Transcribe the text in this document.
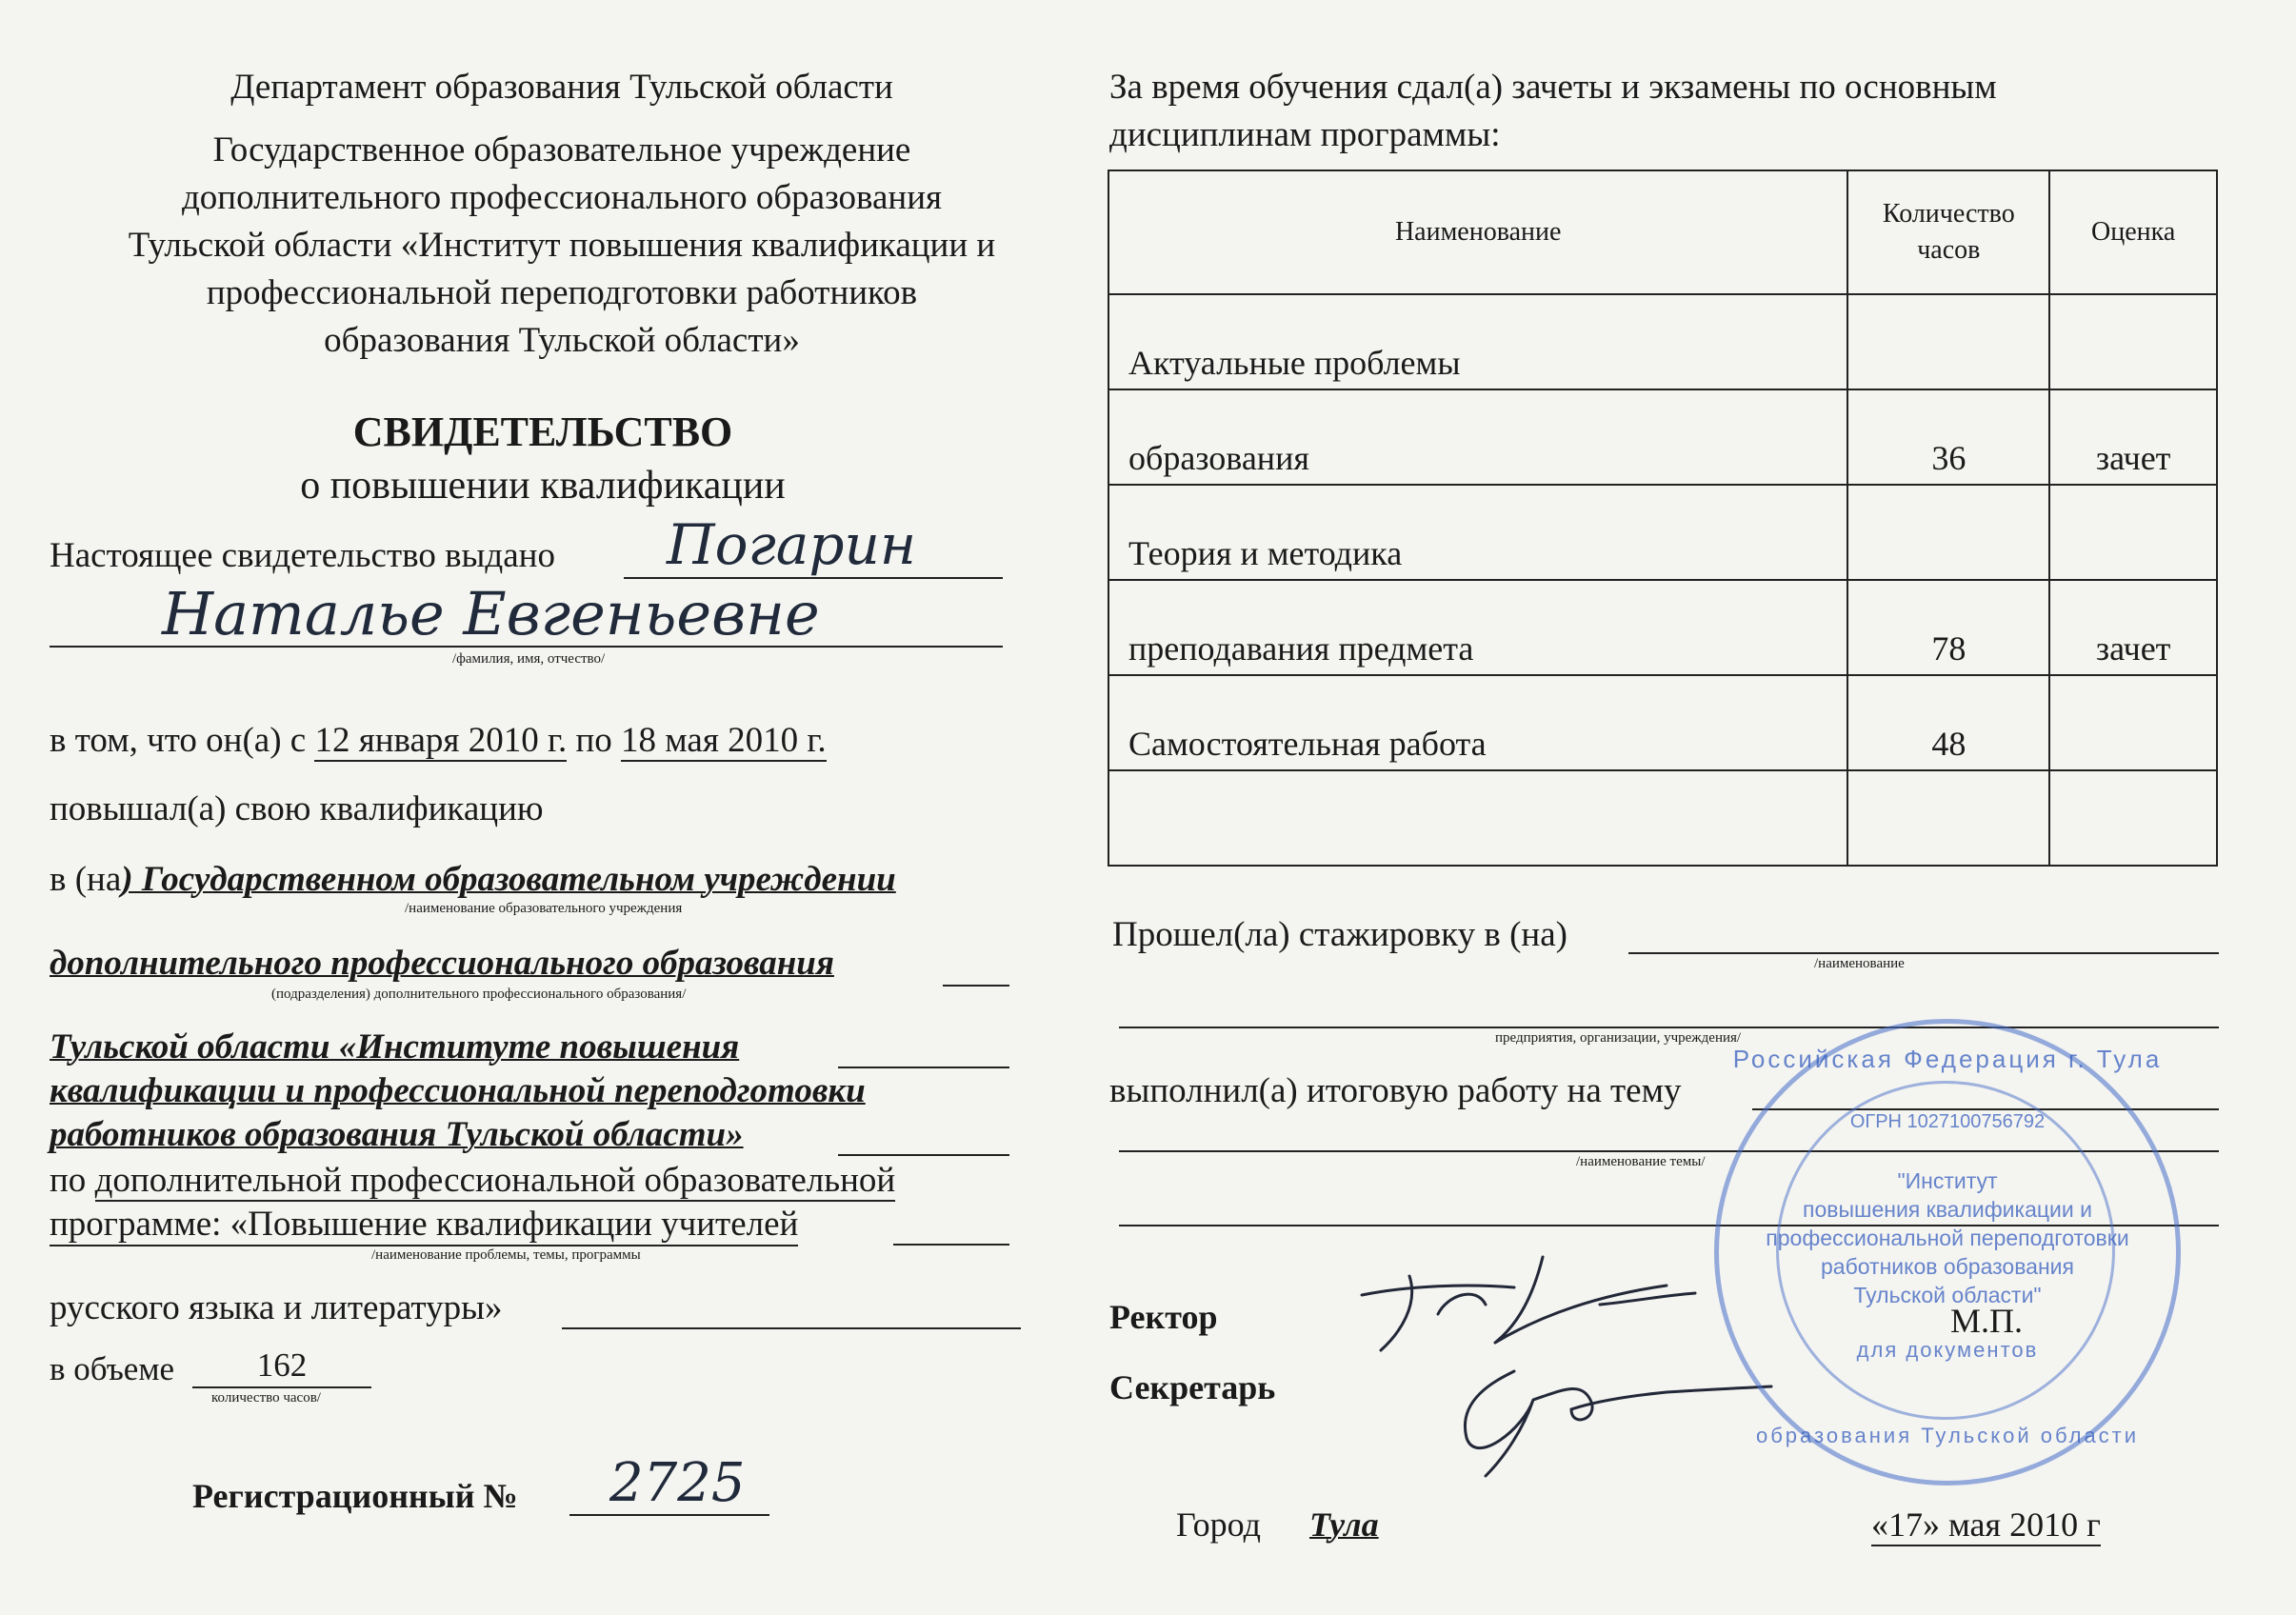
Департамент образования Тульской области
Государственное образовательное учреждение
дополнительного профессионального образования
Тульской области «Институт повышения квалификации и
профессиональной переподготовки работников
образования Тульской области»
СВИДЕТЕЛЬСТВО
о повышении квалификации
Настоящее свидетельство выдано Погарин
Наталье Евгеньевне
/фамилия, имя, отчество/
в том, что он(а) с 12 января 2010 г. по 18 мая 2010 г.
повышал(а) свою квалификацию
в (на) Государственном образовательном учреждении
/наименование образовательного учреждения
дополнительного профессионального образования
(подразделения) дополнительного профессионального образования/
Тульской области «Институте повышения
квалификации и профессиональной переподготовки
работников образования Тульской области»
по дополнительной профессиональной образовательной
программе: «Повышение квалификации учителей
/наименование проблемы, темы, программы
русского языка и литературы»
в объеме	162
количество часов/
Регистрационный № 2725
За время обучения сдал(а) зачеты и экзамены по основным
дисциплинам программы:
Наименование	Количество часов	Оценка
Актуальные проблемы		
образования	36	зачет
Теория и методика		
преподавания предмета	78	зачет
Самостоятельная работа	48	

Прошел(ла) стажировку в (на)
/наименование
предприятия, организации, учреждения/
выполнил(а) итоговую работу на тему
/наименование темы/
Ректор
Секретарь
М.П.
Город Тула	«17» мая 2010 г
Российская Федерация г. Тула
ОГРН 1027100756792
"Институт
повышения квалификации и
профессиональной переподготовки
работников образования
Тульской области"
для документов
образования Тульской области
